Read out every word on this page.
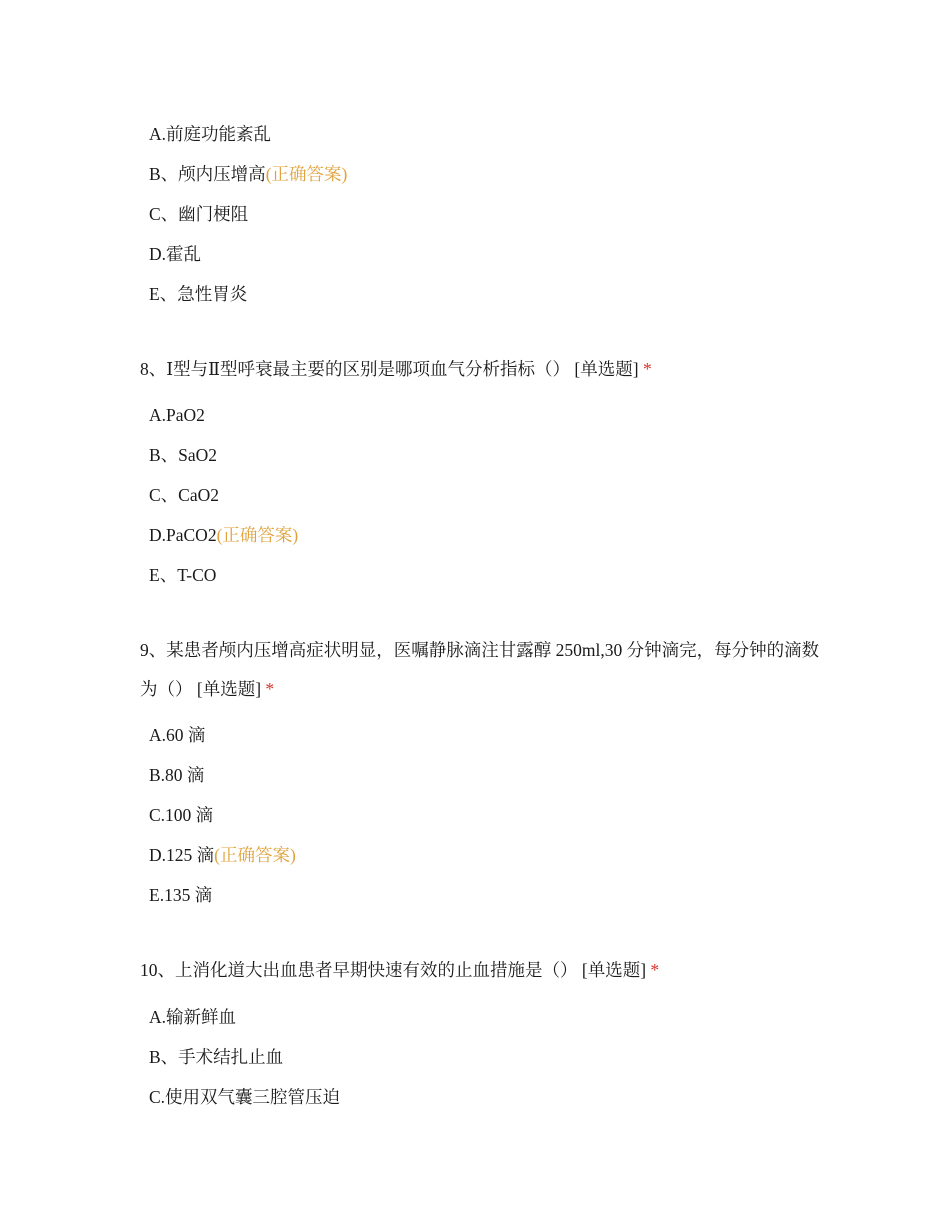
A.前庭功能紊乱
B、颅内压增高(正确答案)
C、幽门梗阻
D.霍乱
E、急性胃炎
8、Ⅰ型与Ⅱ型呼衰最主要的区别是哪项血气分析指标（） [单选题] *
A.PaO2
B、SaO2
C、CaO2
D.PaCO2(正确答案)
E、T-CO
9、某患者颅内压增高症状明显，医嘱静脉滴注甘露醇 250ml,30 分钟滴完，每分钟的滴数为（） [单选题] *
A.60 滴
B.80 滴
C.100 滴
D.125 滴(正确答案)
E.135 滴
10、上消化道大出血患者早期快速有效的止血措施是（） [单选题] *
A.输新鲜血
B、手术结扎止血
C.使用双气囊三腔管压迫
